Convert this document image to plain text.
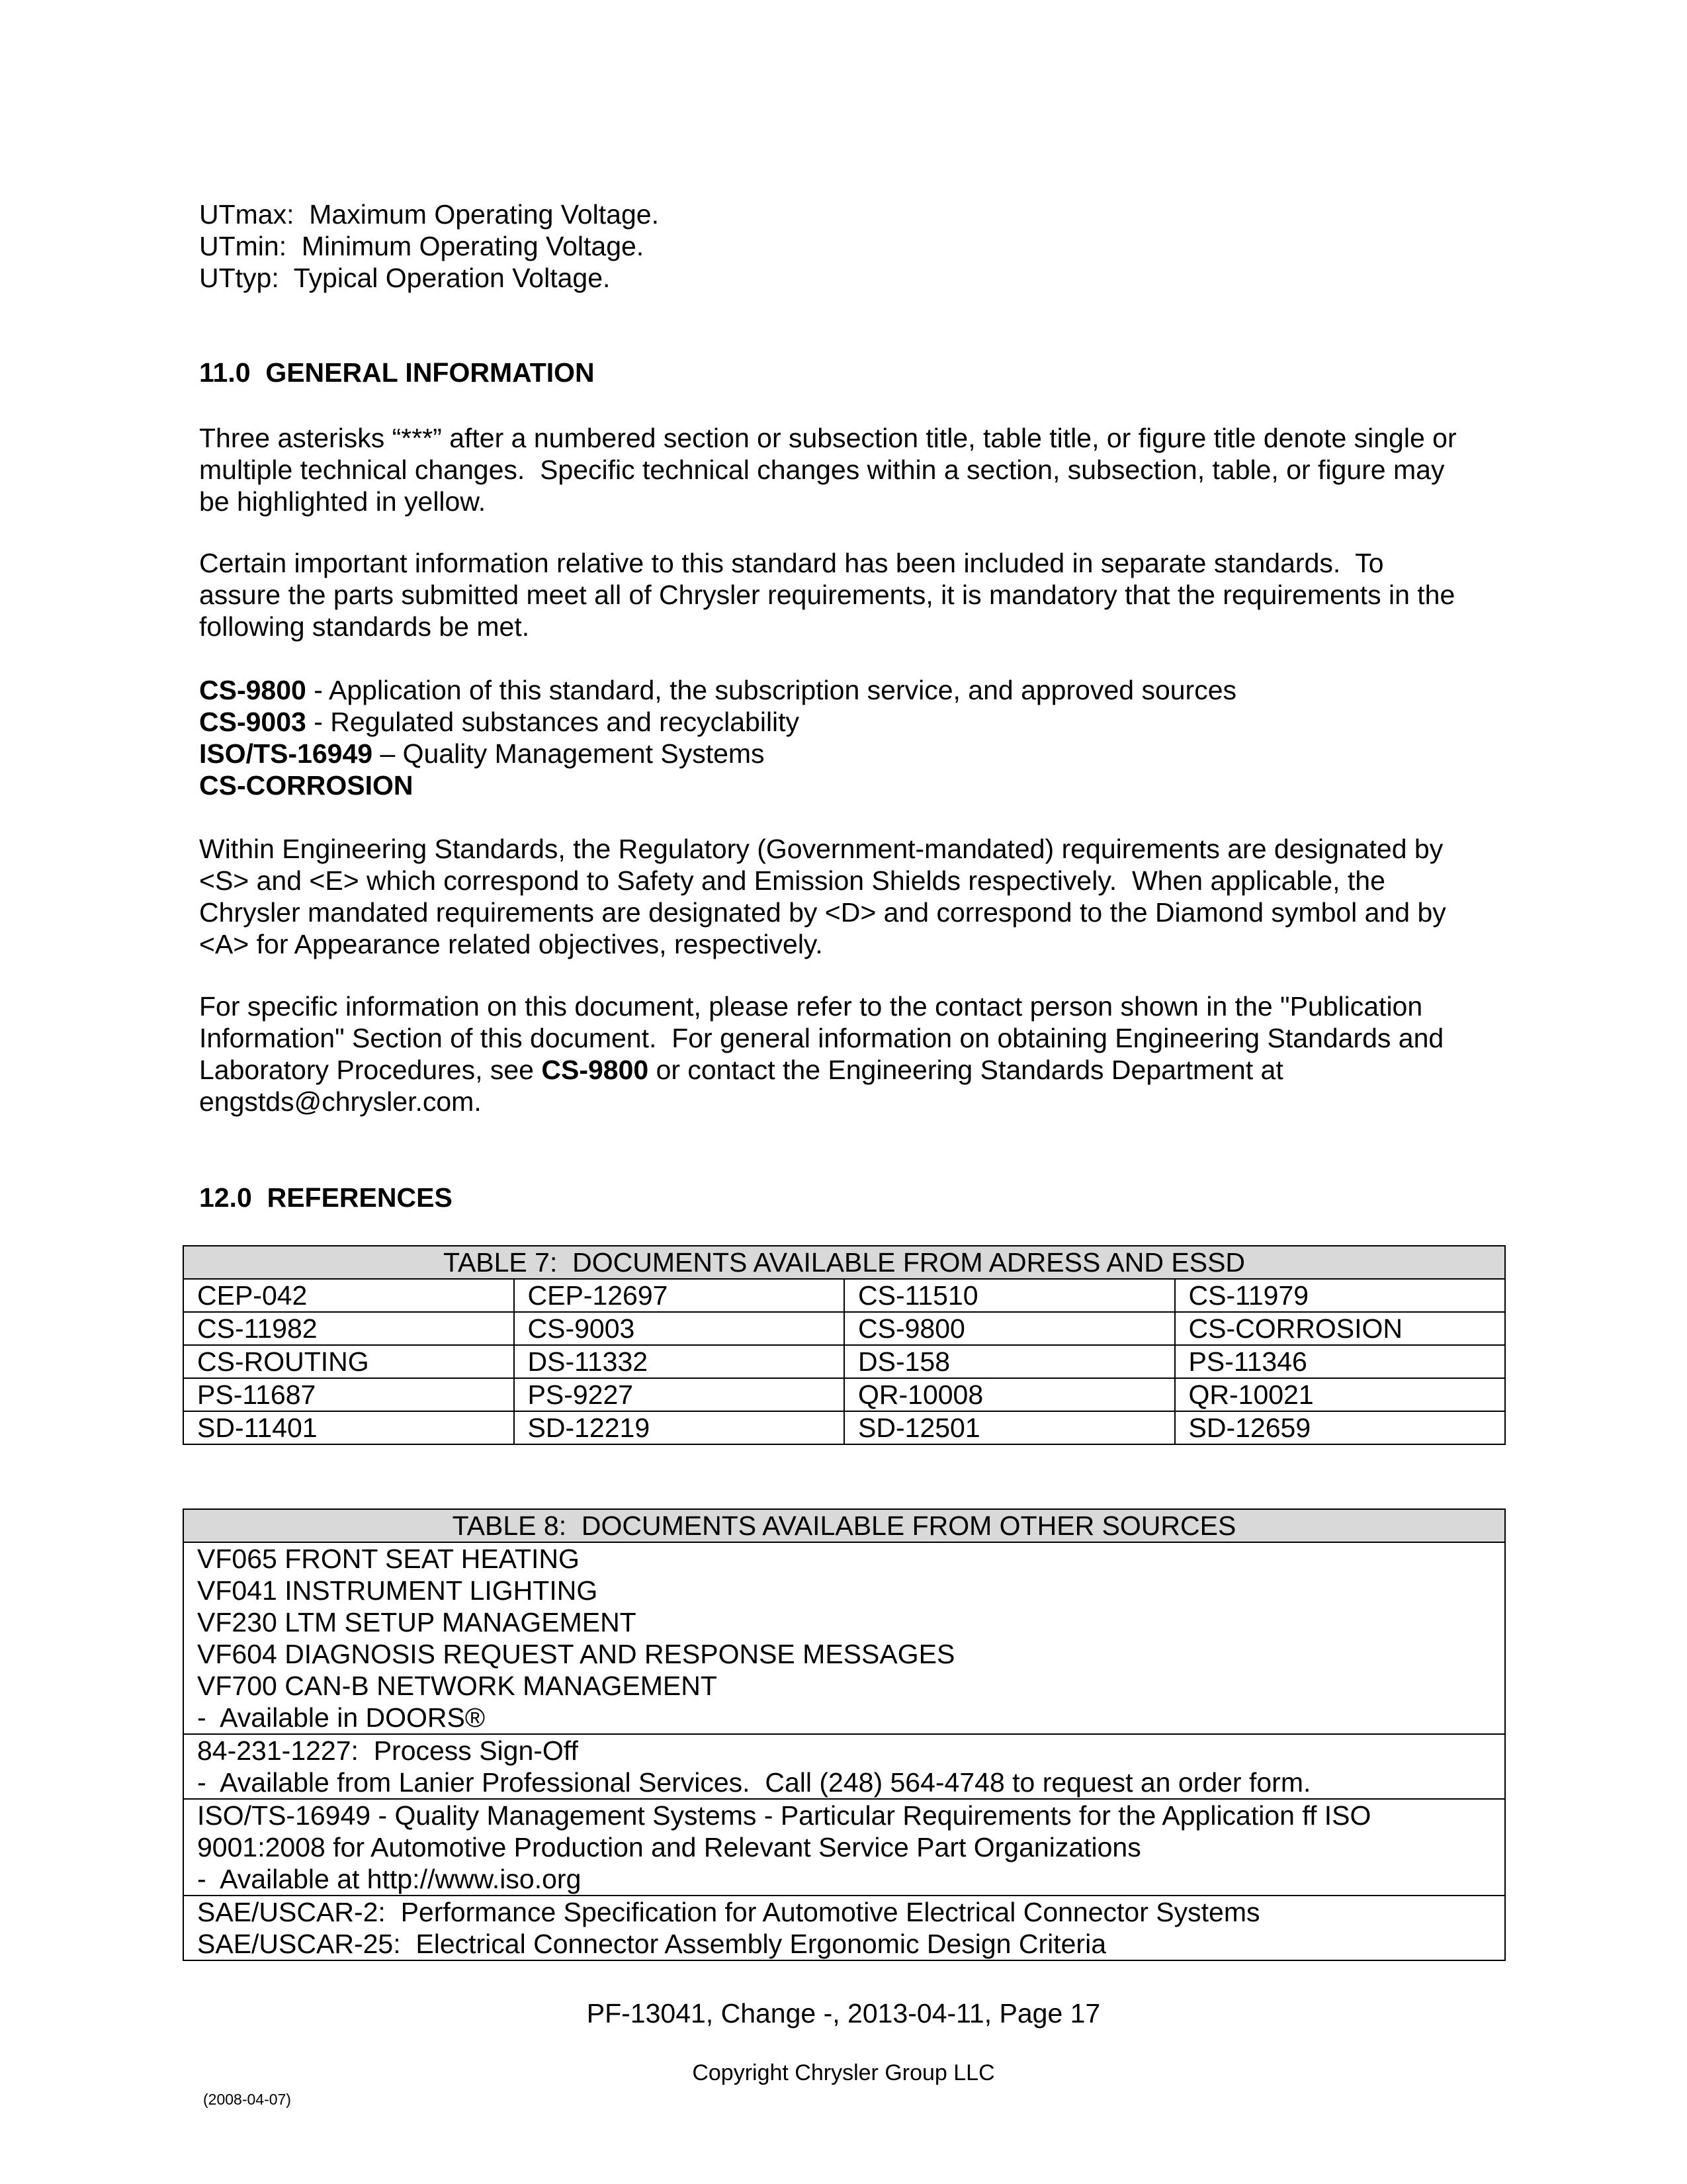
UTmax:  Maximum Operating Voltage.
UTmin:  Minimum Operating Voltage.
UTtyp:  Typical Operation Voltage.
11.0  GENERAL INFORMATION
Three asterisks “***” after a numbered section or subsection title, table title, or figure title denote single or
multiple technical changes.  Specific technical changes within a section, subsection, table, or figure may
be highlighted in yellow.
Certain important information relative to this standard has been included in separate standards.  To
assure the parts submitted meet all of Chrysler requirements, it is mandatory that the requirements in the
following standards be met.
CS-9800 - Application of this standard, the subscription service, and approved sources
CS-9003 - Regulated substances and recyclability
ISO/TS-16949 – Quality Management Systems
CS-CORROSION
Within Engineering Standards, the Regulatory (Government-mandated) requirements are designated by
<S> and <E> which correspond to Safety and Emission Shields respectively.  When applicable, the
Chrysler mandated requirements are designated by <D> and correspond to the Diamond symbol and by
<A> for Appearance related objectives, respectively.
For specific information on this document, please refer to the contact person shown in the "Publication
Information" Section of this document.  For general information on obtaining Engineering Standards and
Laboratory Procedures, see CS-9800 or contact the Engineering Standards Department at
engstds@chrysler.com.
12.0  REFERENCES
TABLE 7:  DOCUMENTS AVAILABLE FROM ADRESS AND ESSD			
CEP-042	CEP-12697	CS-11510	CS-11979
CS-11982	CS-9003	CS-9800	CS-CORROSION
CS-ROUTING	DS-11332	DS-158	PS-11346
PS-11687	PS-9227	QR-10008	QR-10021
SD-11401	SD-12219	SD-12501	SD-12659
TABLE 8:  DOCUMENTS AVAILABLE FROM OTHER SOURCES

VF065 FRONT SEAT HEATING
VF041 INSTRUMENT LIGHTING
VF230 LTM SETUP MANAGEMENT
VF604 DIAGNOSIS REQUEST AND RESPONSE MESSAGES
VF700 CAN-B NETWORK MANAGEMENT
-  Available in DOORS®

84-231-1227:  Process Sign-Off
-  Available from Lanier Professional Services.  Call (248) 564-4748 to request an order form.

ISO/TS-16949 - Quality Management Systems - Particular Requirements for the Application ff ISO
9001:2008 for Automotive Production and Relevant Service Part Organizations
-  Available at http://www.iso.org

SAE/USCAR-2:  Performance Specification for Automotive Electrical Connector Systems
SAE/USCAR-25:  Electrical Connector Assembly Ergonomic Design Criteria
PF-13041, Change -, 2013-04-11, Page 17
Copyright Chrysler Group LLC
(2008-04-07)
